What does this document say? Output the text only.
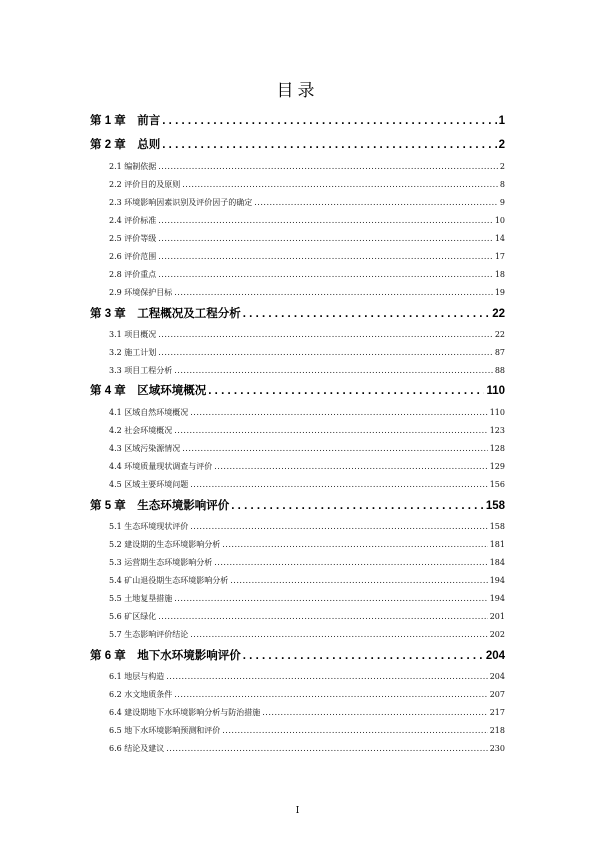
目录
第 1 章　前言 . . .	1
第 2 章　总则 . . .	2
2.1 编制依据 .....	2
2.2 评价目的及原则 .....	8
2.3 环境影响因素识别及评价因子的确定 .....	9
2.4 评价标准 .....	10
2.5 评价等级 .....	14
2.6 评价范围 .....	17
2.8 评价重点 .....	18
2.9 环境保护目标 .....	19
第 3 章　工程概况及工程分析 . . .	22
3.1 项目概况 .....	22
3.2 施工计划 .....	87
3.3 项目工程分析 .....	88
第 4 章　区域环境概况 . . .	110
4.1 区域自然环境概况 .....	110
4.2 社会环境概况 .....	123
4.3 区域污染源情况 .....	128
4.4 环境质量现状调查与评价 .....	129
4.5 区域主要环境问题 .....	156
第 5 章　生态环境影响评价 . . .	158
5.1 生态环境现状评价 .....	158
5.2 建设期的生态环境影响分析 .....	181
5.3 运营期生态环境影响分析 .....	184
5.4 矿山退役期生态环境影响分析 .....	194
5.5 土地复垦措施 .....	194
5.6 矿区绿化 .....	201
5.7 生态影响评价结论 .....	202
第 6 章　地下水环境影响评价 . . .	204
6.1 地层与构造 .....	204
6.2 水文地质条件 .....	207
6.4 建设期地下水环境影响分析与防治措施 .....	217
6.5 地下水环境影响预测和评价 .....	218
6.6 结论及建议 .....	230
I
